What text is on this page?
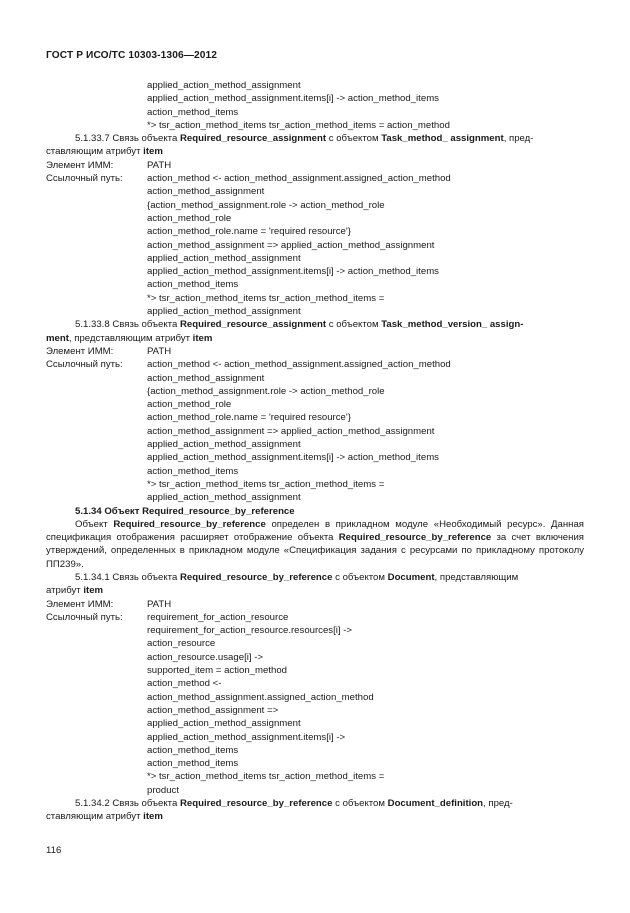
ГОСТ Р ИСО/ТС 10303-1306—2012
applied_action_method_assignment
applied_action_method_assignment.items[i] -> action_method_items
action_method_items
*> tsr_action_method_items tsr_action_method_items = action_method
5.1.33.7 Связь объекта Required_resource_assignment с объектом Task_method_ assignment, пред-
ставляющим атрибут item
Элемент ИММ:	PATH
Ссылочный путь:	action_method <- action_method_assignment.assigned_action_method
action_method_assignment
{action_method_assignment.role -> action_method_role
action_method_role
action_method_role.name = 'required resource'}
action_method_assignment => applied_action_method_assignment
applied_action_method_assignment
applied_action_method_assignment.items[i] -> action_method_items
action_method_items
*> tsr_action_method_items tsr_action_method_items =
applied_action_method_assignment
5.1.33.8 Связь объекта Required_resource_assignment с объектом Task_method_version_ assign-
ment, представляющим атрибут item
Элемент ИММ:	PATH
Ссылочный путь:	action_method <- action_method_assignment.assigned_action_method
action_method_assignment
{action_method_assignment.role -> action_method_role
action_method_role
action_method_role.name = 'required resource'}
action_method_assignment => applied_action_method_assignment
applied_action_method_assignment
applied_action_method_assignment.items[i] -> action_method_items
action_method_items
*> tsr_action_method_items tsr_action_method_items =
applied_action_method_assignment
5.1.34 Объект Required_resource_by_reference
Объект Required_resource_by_reference определен в прикладном модуле «Необходимый ресурс». Данная спецификация отображения расширяет отображение объекта Required_resource_by_reference за счет включения утверждений, определенных в прикладном модуле «Спецификация задания с ресурсами по прикладному протоколу ПП239».
5.1.34.1 Связь объекта Required_resource_by_reference с объектом Document, представляющим
атрибут item
Элемент ИММ:	PATH
Ссылочный путь:	requirement_for_action_resource
requirement_for_action_resource.resources[i] ->
action_resource
action_resource.usage[i] ->
supported_item = action_method
action_method <-
action_method_assignment.assigned_action_method
action_method_assignment =>
applied_action_method_assignment
applied_action_method_assignment.items[i] ->
action_method_items
action_method_items
*> tsr_action_method_items tsr_action_method_items =
product
5.1.34.2 Связь объекта Required_resource_by_reference с объектом Document_definition, пред-
ставляющим атрибут item
116
